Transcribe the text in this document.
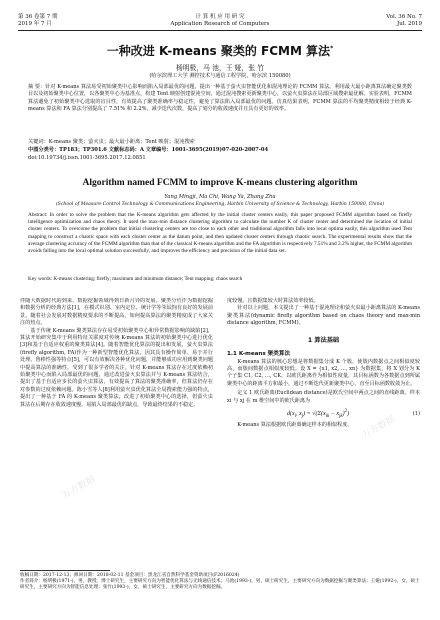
第 36 卷第 7 期
2019 年 7 月
计 算 机 应 用 研 究
Application Research of Computers
Vol. 36 No. 7
Jul. 2019
一种改进 K-means 聚类的 FCMM 算法*
杨明极，马 池，王 娅，张 竹
(哈尔滨理工大学 测控技术与通信工程学院，哈尔滨 150080)
摘 要：针对 K-means 算法易受初始聚类中心影响而陷入局部最优的问题，提出一种基于萤火虫智能优化和混沌理论的 FCMM 算法。利用最大最小距离算法确定聚类数目以及初始聚类中心位置，以各聚类中心为基准点，构建 Tent 映射创建混沌空间，通过混沌搜索更新聚类中心，以萤火虫算法在局部区域搜索最优解。实验表明，FCMM 算法避免了初始聚类中心选取的盲目性，有效提高了聚类准确率与稳定性，避免了算法陷入局部最优的问题。仿真结果表明，FCMM 算法的平均聚类精度相较于经典 K-means 算法和 FA 算法分别提高了 7.51% 和 2.2%，减少迭代次数，提高了划分的收敛速度并且具有更好的效率。
关键词：K-means 聚类；萤火虫；最大最小距离；Tent 映射；混沌搜索
中图分类号：TP183；TP301.6 文献标志码：A 文章编号：1001-3695(2019)07-020-2007-04
doi:10.19734/j.issn.1001-3695.2017.12.0851
Algorithm named FCMM to improve K-means clustering algorithm
Yang Mingji, Ma Chi, Wang Ya, Zhang Zhu
(School of Measure-Control Technology & Communications Engineering, Harbin University of Science & Technology, Harbin 150080, China)
Abstract: In order to solve the problem that the K-means algorithm gets affected by the initial cluster centers easily, this paper proposed FCMM algorithm based on firefly intelligence optimization and chaos theory. It used the max-min distance clustering algorithm to calculate the number K of cluster center and determined the location of initial cluster centers. To overcome the problem that initial clustering centers are too close to each other and traditional algorithm falls into local optima easily, this algorithm used Tent mapping to construct a chaotic space with each cluster center as the datum point, and then updated cluster centers through chaotic search. The experimental results show that the average clustering accuracy of the FCMM algorithm than that of the classical K-means algorithm and the FA algorithm is respectively 7.51% and 2.2% higher, the FCMM algorithm avoids falling into the local optimal solution successfully, and improves the efficiency and precision of the initial data set.
Key words: K-means clustering; firefly; maximum and minimum distance; Tent mapping; chaos search
伴随大数据时代的到来，数据挖掘领域得到日新月异的发展。聚类分析作为数据挖掘和数据分析的经典方法[1]，在模式识别、室内定位、统计学等领域拥有良好的发展前景。随着社会发展对数据精度要求的不断提高，如何提高算法的聚类精度成了大家关注的热点。
　　基于传统 K-means 聚类算法存在易受初始聚类中心和异常数据影响的缺陷[2]，算法开始研究集中于利用特征关联度对传统 K-means 算法的初始聚类中心进行优化[3]和基于自适应权重的聚类算法[4]。随着智能优化算法的提出和发展，萤火虫算法(firefly algorithm, FA)作为一种新型智能优化算法，因其具有操作简单、易于并行处理、鲁棒性强等特点[5]，可以有效解决各种优化问题，并能够成功应用到聚类问题中提高算法的准确性，受到了很多学者的关注。针对 K-means 算法存在过度依赖初始聚类中心而陷入局部最优的问题，通过改进萤火虫算法并与 K-means 算法结合，提出了基于自适应步长的萤火虫算法，有效提高了算法的聚类准确率，但算法仍存在对参数的过度依赖问题。陈小雪等人[8]利用萤火虫优化算法全局搜索能力强的特点，提出了一种基于 FA 的 K-means 聚类算法，改进了初始聚类中心的选择，但萤火虫算法在后期存在收敛速度慢、易陷入局部最优的缺点，导致最终结果的不稳定。
度较慢，且数据集较大时算法效率较低。
　　针对以上问题，本文提出了一种基于混沌理论和萤火虫最小距离算法的 K-means 聚类算法(dynamic firefly algorithm based on chaos theory and max-min distance algorithm, FCMM)。
1 算法基础
1.1 K-means 聚类算法
　　K-means 算法的核心思想是将数据集分成 K 个簇，使簇内数据点之间相似度较高，而簇间数据点相似度较低。设 X = {x1, x2, …, xn} 为数据集，将 X 划分为 K 个子集 C1, C2, …, CK，以欧氏距离作为相似性度量，其目标函数为各数据点到所属聚类中心的距离平方和最小，通过不断迭代更新聚类中心，直至目标函数收敛为止。
　　定义 1 欧氏距离(Euclidean distance)是欧氏空间中两点之间的直线距离。样本 xi 与 xj 在 m 维空间中的欧氏距离为
$d(x_i$, $x_j) = √(\Sigma(x_{ik} - x_{jk})^2)$	(1)
　　K-means 算法根据欧氏距离确定样本的相似程度。
收稿日期：2017-12-13；修回日期：2018-02-11 基金项目：黑龙江省自然科学基金资助项目(F2016024)
作者简介：杨明极(1971-)，男，教授，博士研究生，主要研究方向为智能优化算法与无线通信技术；马池(1993-)，男，硕士研究生，主要研究方向为数据挖掘与聚类算法；王娅(1992-)，女，硕士研究生，主要研究方向为智能信息处理；张竹(1993-)，女，硕士研究生，主要研究方向为数据挖掘。
万方数据
万方数据
万方数据
